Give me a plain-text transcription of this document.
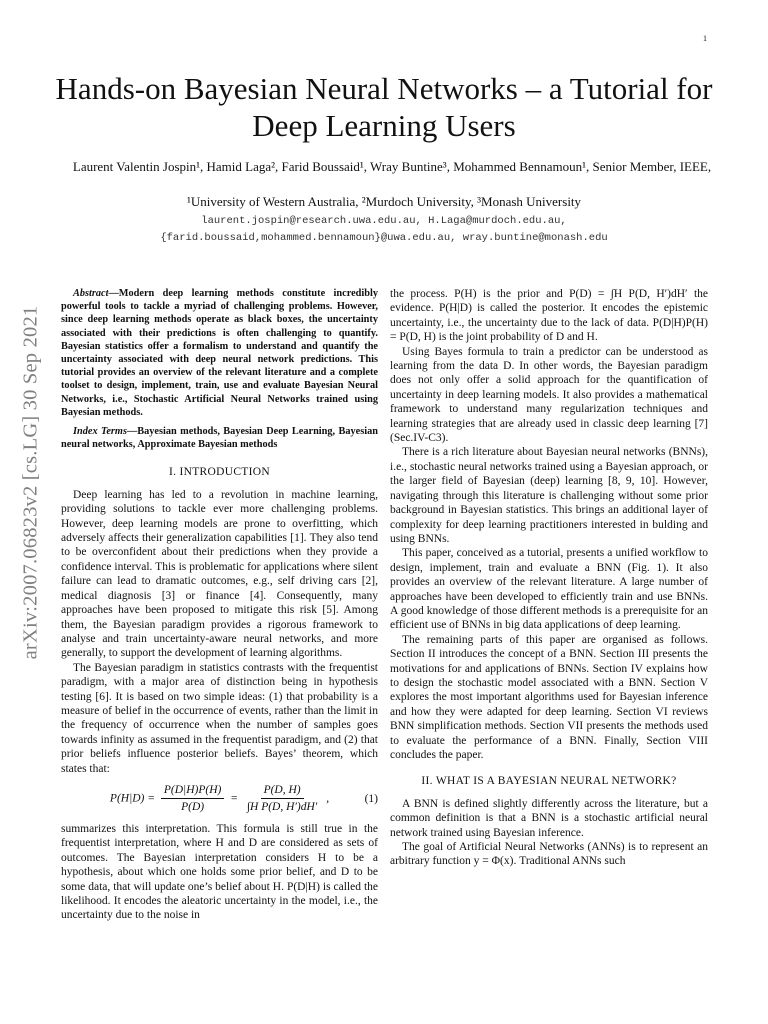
1
arXiv:2007.06823v2 [cs.LG] 30 Sep 2021
Hands-on Bayesian Neural Networks – a Tutorial for Deep Learning Users
Laurent Valentin Jospin¹, Hamid Laga², Farid Boussaid¹, Wray Buntine³, Mohammed Bennamoun¹, Senior Member, IEEE,
¹University of Western Australia, ²Murdoch University, ³Monash University
laurent.jospin@research.uwa.edu.au, H.Laga@murdoch.edu.au,
{farid.boussaid,mohammed.bennamoun}@uwa.edu.au, wray.buntine@monash.edu

Abstract—Modern deep learning methods constitute incredibly powerful tools to tackle a myriad of challenging problems. However, since deep learning methods operate as black boxes, the uncertainty associated with their predictions is often challenging to quantify. Bayesian statistics offer a formalism to understand and quantify the uncertainty associated with deep neural network predictions. This tutorial provides an overview of the relevant literature and a complete toolset to design, implement, train, use and evaluate Bayesian Neural Networks, i.e., Stochastic Artificial Neural Networks trained using Bayesian methods.

Index Terms—Bayesian methods, Bayesian Deep Learning, Bayesian neural networks, Approximate Bayesian methods

I. INTRODUCTION

Deep learning has led to a revolution in machine learning, providing solutions to tackle ever more challenging problems. However, deep learning models are prone to overfitting, which adversely affects their generalization capabilities [1]. They also tend to be overconfident about their predictions when they provide a confidence interval. This is problematic for applications where silent failure can lead to dramatic outcomes, e.g., self driving cars [2], medical diagnosis [3] or finance [4]. Consequently, many approaches have been proposed to mitigate this risk [5]. Among them, the Bayesian paradigm provides a rigorous framework to analyse and train uncertainty-aware neural networks, and more generally, to support the development of learning algorithms.

The Bayesian paradigm in statistics contrasts with the frequentist paradigm, with a major area of distinction being in hypothesis testing [6]. It is based on two simple ideas: (1) that probability is a measure of belief in the occurrence of events, rather than the limit in the frequency of occurrence when the number of samples goes towards infinity as assumed in the frequentist paradigm, and (2) that prior beliefs influence posterior beliefs. Bayes’ theorem, which states that:

$P(H|D) = \frac{P(D|H)P(H)}{P(D)} = \frac{P(D, H)}{\text{∫H P(D, H′)dH′}}$ ,	(1)

summarizes this interpretation. This formula is still true in the frequentist interpretation, where H and D are considered as sets of outcomes. The Bayesian interpretation considers H to be a hypothesis, about which one holds some prior belief, and D to be some data, that will update one’s belief about H. P(D|H) is called the likelihood. It encodes the aleatoric uncertainty in the model, i.e., the uncertainty due to the noise in

the process. P(H) is the prior and P(D) = ∫H P(D, H′)dH′ the evidence. P(H|D) is called the posterior. It encodes the epistemic uncertainty, i.e., the uncertainty due to the lack of data. P(D|H)P(H) = P(D, H) is the joint probability of D and H.

Using Bayes formula to train a predictor can be understood as learning from the data D. In other words, the Bayesian paradigm does not only offer a solid approach for the quantification of uncertainty in deep learning models. It also provides a mathematical framework to understand many regularization techniques and learning strategies that are already used in classic deep learning [7] (Sec.IV-C3).

There is a rich literature about Bayesian neural networks (BNNs), i.e., stochastic neural networks trained using a Bayesian approach, or the larger field of Bayesian (deep) learning [8, 9, 10]. However, navigating through this literature is challenging without some prior background in Bayesian statistics. This brings an additional layer of complexity for deep learning practitioners interested in bulding and using BNNs.

This paper, conceived as a tutorial, presents a unified workflow to design, implement, train and evaluate a BNN (Fig. 1). It also provides an overview of the relevant literature. A large number of approaches have been developed to efficiently train and use BNNs. A good knowledge of those different methods is a prerequisite for an efficient use of BNNs in big data applications of deep learning.

The remaining parts of this paper are organised as follows. Section II introduces the concept of a BNN. Section III presents the motivations for and applications of BNNs. Section IV explains how to design the stochastic model associated with a BNN. Section V explores the most important algorithms used for Bayesian inference and how they were adapted for deep learning. Section VI reviews BNN simplification methods. Section VII presents the methods used to evaluate the performance of a BNN. Finally, Section VIII concludes the paper.

II. WHAT IS A BAYESIAN NEURAL NETWORK?

A BNN is defined slightly differently across the literature, but a common definition is that a BNN is a stochastic artificial neural network trained using Bayesian inference.

The goal of Artificial Neural Networks (ANNs) is to represent an arbitrary function y = Φ(x). Traditional ANNs such
